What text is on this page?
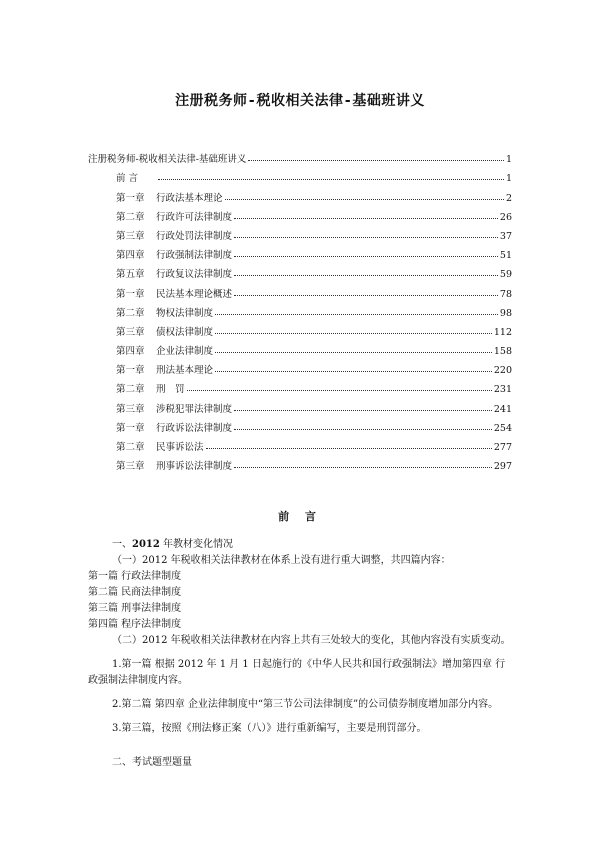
注册税务师-税收相关法律-基础班讲义
注册税务师-税收相关法律-基础班讲义	1
前 言	1
第一章	行政法基本理论	2
第二章	行政许可法律制度	26
第三章	行政处罚法律制度	37
第四章	行政强制法律制度	51
第五章	行政复议法律制度	59
第一章	民法基本理论概述	78
第二章	物权法律制度	98
第三章	债权法律制度	112
第四章	企业法律制度	158
第一章	刑法基本理论	220
第二章	刑　罚	231
第三章	涉税犯罪法律制度	241
第一章	行政诉讼法律制度	254
第二章	民事诉讼法	277
第三章	刑事诉讼法律制度	297
前 言

一、2012 年教材变化情况

（一）2012 年税收相关法律教材在体系上没有进行重大调整，共四篇内容：

第一篇 行政法律制度

第二篇 民商法律制度

第三篇 刑事法律制度

第四篇 程序法律制度

（二）2012 年税收相关法律教材在内容上共有三处较大的变化，其他内容没有实质变动。

1.第一篇 根据 2012 年 1 月 1 日起施行的《中华人民共和国行政强制法》增加第四章 行政强制法律制度内容。

2.第二篇 第四章 企业法律制度中“第三节公司法律制度”的公司债券制度增加部分内容。

3.第三篇，按照《刑法修正案（八）》进行重新编写，主要是刑罚部分。

二、考试题型题量
